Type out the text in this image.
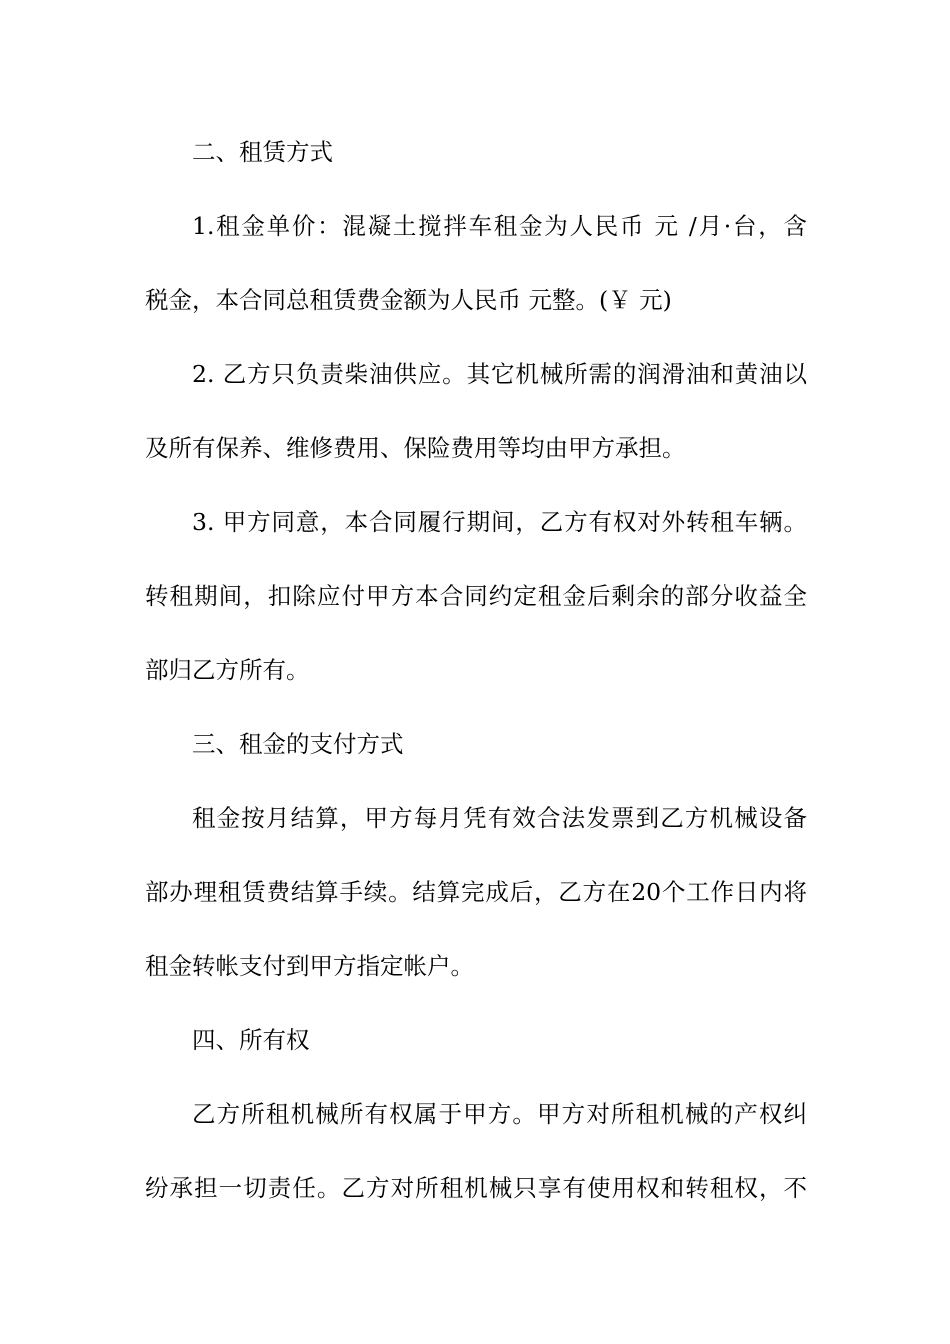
二、租赁方式
1.租金单价：混凝土搅拌车租金为人民币 元 /月·台，含
税金，本合同总租赁费金额为人民币 元整。(￥ 元)
2. 乙方只负责柴油供应。其它机械所需的润滑油和黄油以
及所有保养、维修费用、保险费用等均由甲方承担。
3. 甲方同意，本合同履行期间，乙方有权对外转租车辆。
转租期间，扣除应付甲方本合同约定租金后剩余的部分收益全
部归乙方所有。
三、租金的支付方式
租金按月结算，甲方每月凭有效合法发票到乙方机械设备
部办理租赁费结算手续。结算完成后，乙方在20个工作日内将
租金转帐支付到甲方指定帐户。
四、所有权
乙方所租机械所有权属于甲方。甲方对所租机械的产权纠
纷承担一切责任。乙方对所租机械只享有使用权和转租权，不
